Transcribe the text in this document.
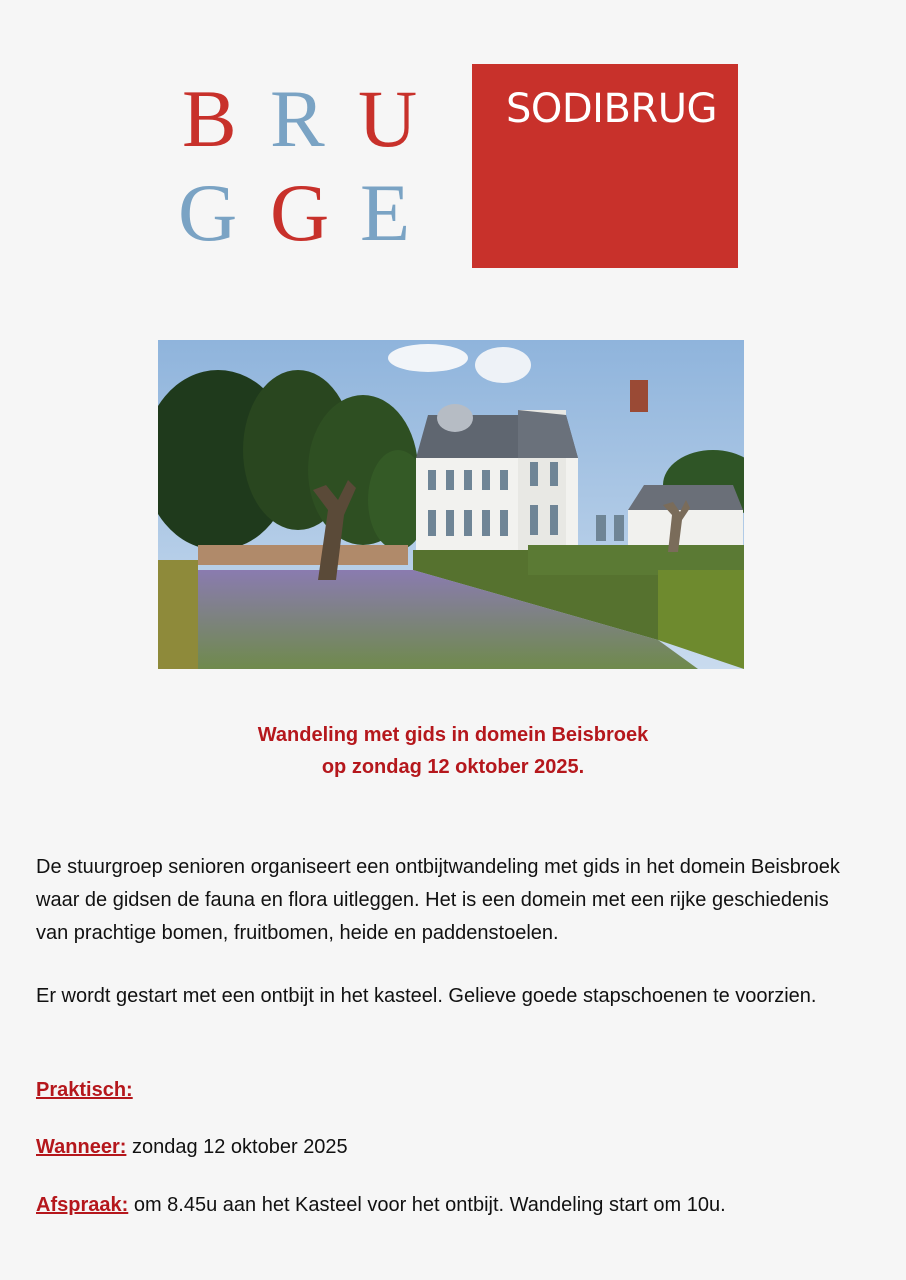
B R U
G G E
SODIBRUG
Wandeling met gids in domein Beisbroek
op zondag 12 oktober 2025.
De stuurgroep senioren organiseert een ontbijtwandeling met gids in het domein Beisbroek waar de gidsen de fauna en flora uitleggen. Het is een domein met een rijke geschiedenis van prachtige bomen, fruitbomen, heide en paddenstoelen.
Er wordt gestart met een ontbijt in het kasteel. Gelieve goede stapschoenen te voorzien.
Praktisch:
Wanneer: zondag 12 oktober 2025
Afspraak: om 8.45u aan het Kasteel voor het ontbijt. Wandeling start om 10u.
